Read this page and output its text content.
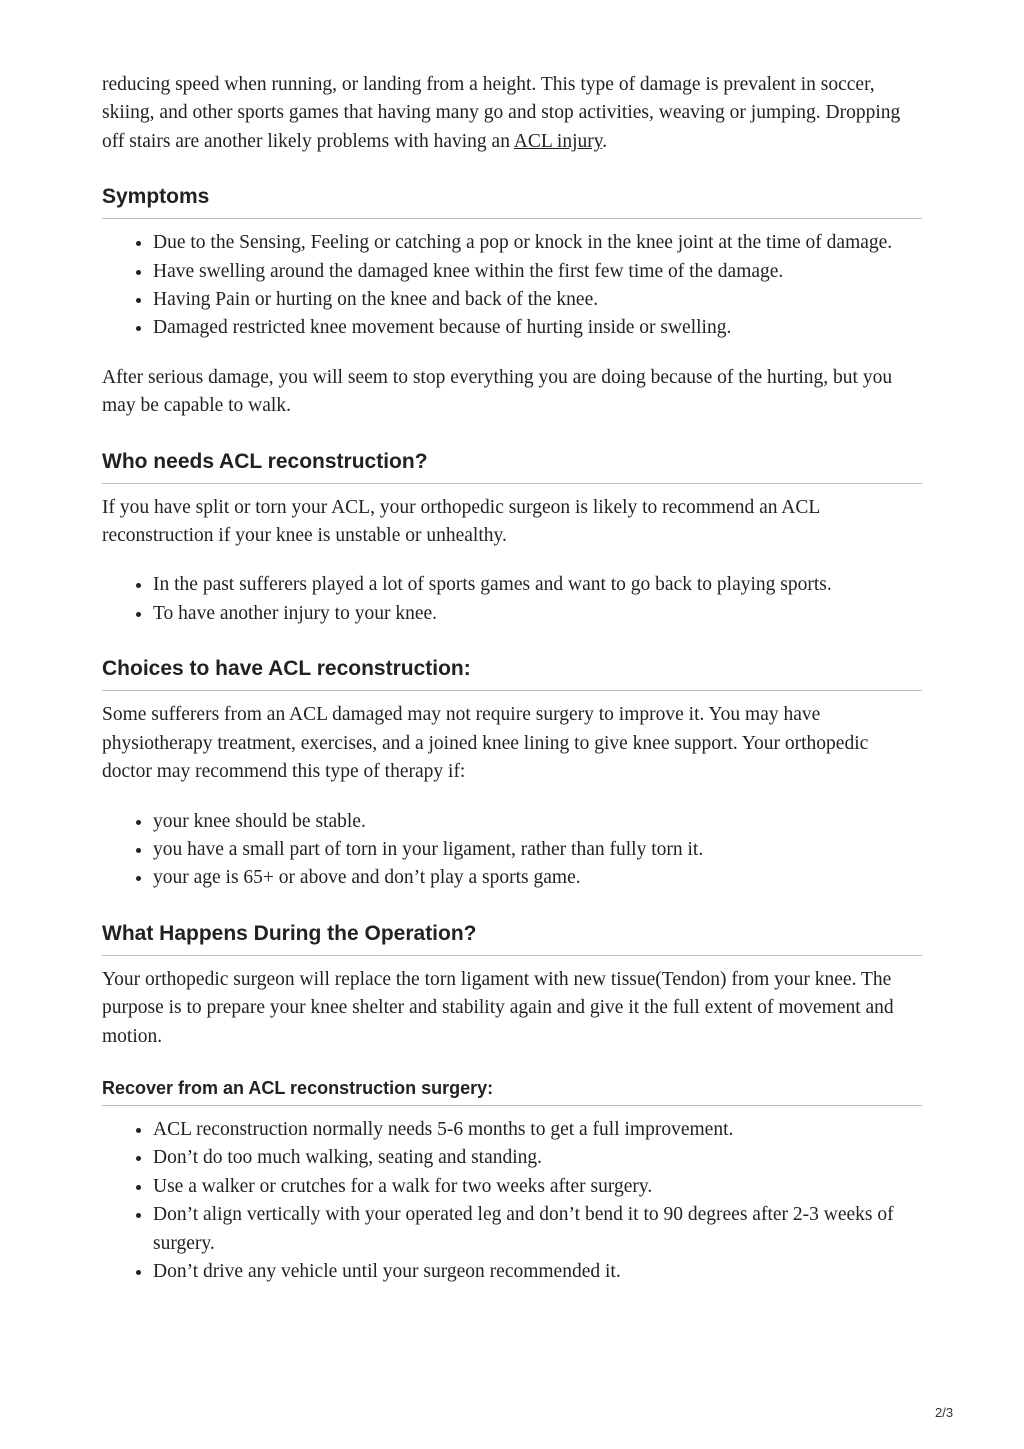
reducing speed when running, or landing from a height. This type of damage is prevalent in soccer, skiing, and other sports games that having many go and stop activities, weaving or jumping. Dropping off stairs are another likely problems with having an ACL injury.

Symptoms
• Due to the Sensing, Feeling or catching a pop or knock in the knee joint at the time of damage.
• Have swelling around the damaged knee within the first few time of the damage.
• Having Pain or hurting on the knee and back of the knee.
• Damaged restricted knee movement because of hurting inside or swelling.

After serious damage, you will seem to stop everything you are doing because of the hurting, but you may be capable to walk.

Who needs ACL reconstruction?

If you have split or torn your ACL, your orthopedic surgeon is likely to recommend an ACL reconstruction if your knee is unstable or unhealthy.

• In the past sufferers played a lot of sports games and want to go back to playing sports.
• To have another injury to your knee.
Choices to have ACL reconstruction:

Some sufferers from an ACL damaged may not require surgery to improve it. You may have physiotherapy treatment, exercises, and a joined knee lining to give knee support. Your orthopedic doctor may recommend this type of therapy if:

• your knee should be stable.
• you have a small part of torn in your ligament, rather than fully torn it.
• your age is 65+ or above and don’t play a sports game.
What Happens During the Operation?

Your orthopedic surgeon will replace the torn ligament with new tissue(Tendon) from your knee. The purpose is to prepare your knee shelter and stability again and give it the full extent of movement and motion.

Recover from an ACL reconstruction surgery:
• ACL reconstruction normally needs 5-6 months to get a full improvement.
• Don’t do too much walking, seating and standing.
• Use a walker or crutches for a walk for two weeks after surgery.
• Don’t align vertically with your operated leg and don’t bend it to 90 degrees after 2-3 weeks of surgery.
• Don’t drive any vehicle until your surgeon recommended it.
2/3
